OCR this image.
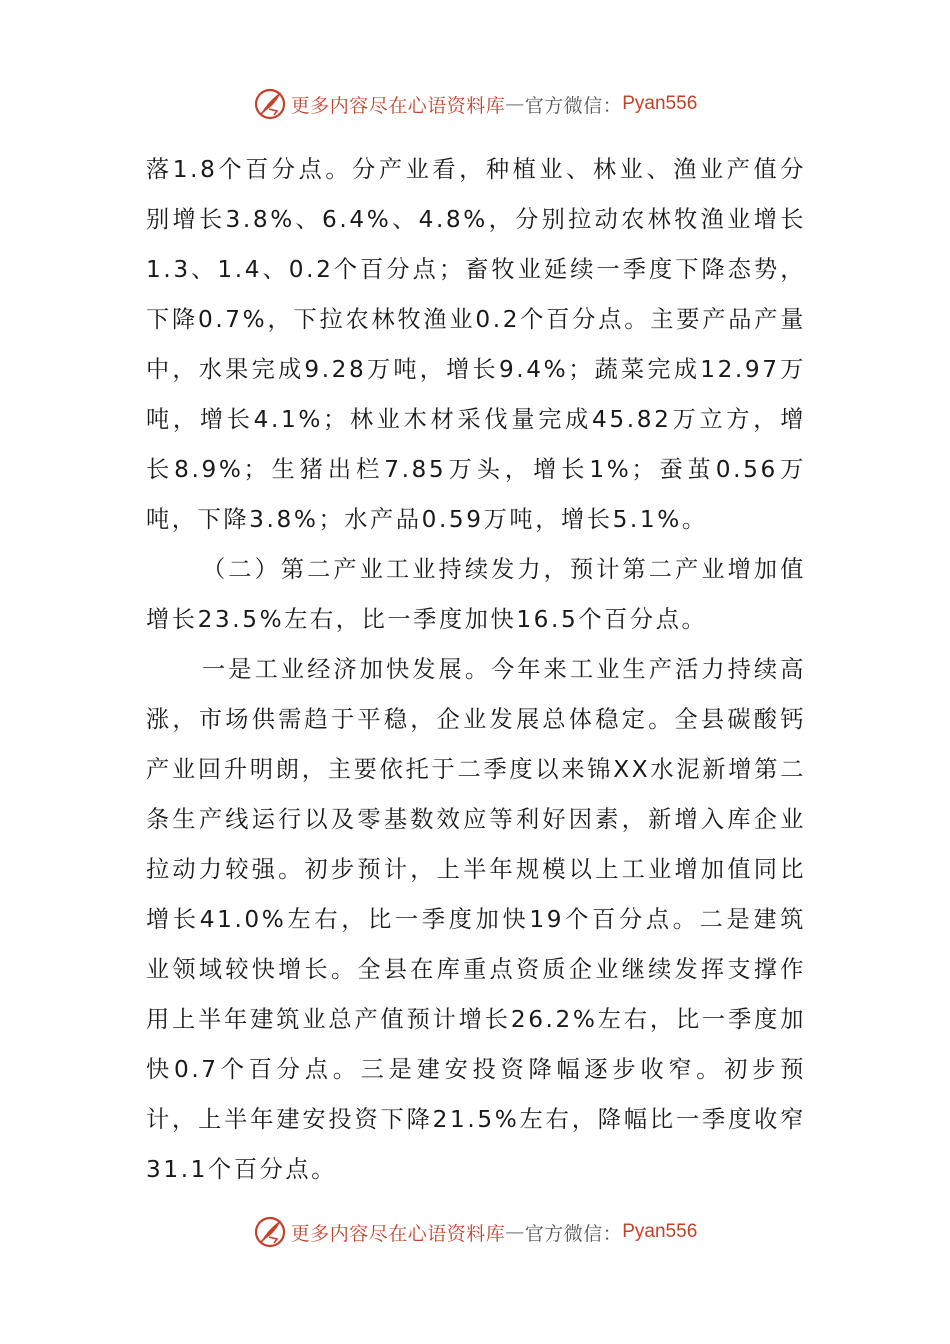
更多内容尽在心语资料库 — 官方微信： Pyan556

落1.8个百分点。分产业看，种植业、林业、渔业产值分别增长3.8%、6.4%、4.8%，分别拉动农林牧渔业增长1.3、1.4、0.2个百分点；畜牧业延续一季度下降态势，下降0.7%，下拉农林牧渔业0.2个百分点。主要产品产量中，水果完成9.28万吨，增长9.4%；蔬菜完成12.97万吨，增长4.1%；林业木材采伐量完成45.82万立方，增长8.9%；生猪出栏7.85万头，增长1%；蚕茧0.56万吨，下降3.8%；水产品0.59万吨，增长5.1%。

（二）第二产业工业持续发力，预计第二产业增加值增长23.5%左右，比一季度加快16.5个百分点。

一是工业经济加快发展。今年来工业生产活力持续高涨，市场供需趋于平稳，企业发展总体稳定。全县碳酸钙产业回升明朗，主要依托于二季度以来锦XX水泥新增第二条生产线运行以及零基数效应等利好因素，新增入库企业拉动力较强。初步预计，上半年规模以上工业增加值同比增长41.0%左右，比一季度加快19个百分点。二是建筑业领域较快增长。全县在库重点资质企业继续发挥支撑作用上半年建筑业总产值预计增长26.2%左右，比一季度加快0.7个百分点。三是建安投资降幅逐步收窄。初步预计，上半年建安投资下降21.5%左右，降幅比一季度收窄31.1个百分点。

更多内容尽在心语资料库 — 官方微信： Pyan556
